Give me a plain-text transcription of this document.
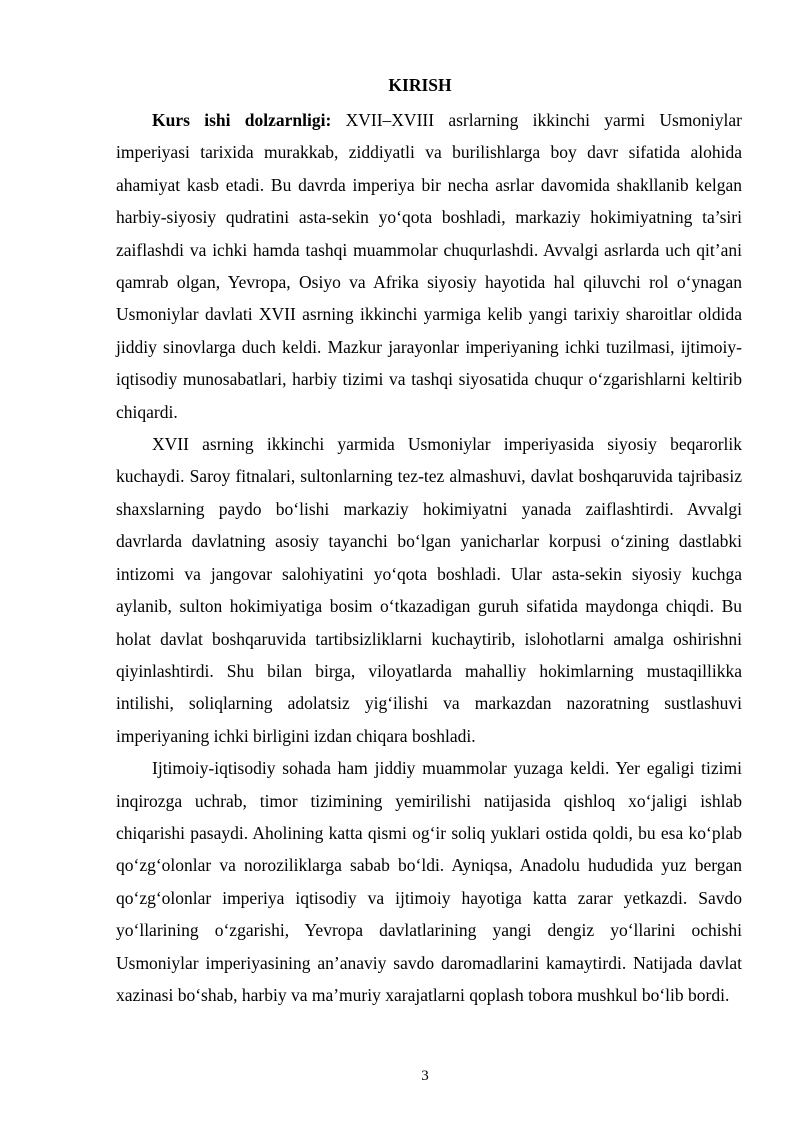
KIRISH

Kurs ishi dolzarnligi: XVII–XVIII asrlarning ikkinchi yarmi Usmoniylar imperiyasi tarixida murakkab, ziddiyatli va burilishlarga boy davr sifatida alohida ahamiyat kasb etadi. Bu davrda imperiya bir necha asrlar davomida shakllanib kelgan harbiy-siyosiy qudratini asta-sekin yo‘qota boshladi, markaziy hokimiyatning ta’siri zaiflashdi va ichki hamda tashqi muammolar chuqurlashdi. Avvalgi asrlarda uch qit’ani qamrab olgan, Yevropa, Osiyo va Afrika siyosiy hayotida hal qiluvchi rol o‘ynagan Usmoniylar davlati XVII asrning ikkinchi yarmiga kelib yangi tarixiy sharoitlar oldida jiddiy sinovlarga duch keldi. Mazkur jarayonlar imperiyaning ichki tuzilmasi, ijtimoiy-iqtisodiy munosabatlari, harbiy tizimi va tashqi siyosatida chuqur o‘zgarishlarni keltirib chiqardi.

XVII asrning ikkinchi yarmida Usmoniylar imperiyasida siyosiy beqarorlik kuchaydi. Saroy fitnalari, sultonlarning tez-tez almashuvi, davlat boshqaruvida tajribasiz shaxslarning paydo bo‘lishi markaziy hokimiyatni yanada zaiflashtirdi. Avvalgi davrlarda davlatning asosiy tayanchi bo‘lgan yanicharlar korpusi o‘zining dastlabki intizomi va jangovar salohiyatini yo‘qota boshladi. Ular asta-sekin siyosiy kuchga aylanib, sulton hokimiyatiga bosim o‘tkazadigan guruh sifatida maydonga chiqdi. Bu holat davlat boshqaruvida tartibsizliklarni kuchaytirib, islohotlarni amalga oshirishni qiyinlashtirdi. Shu bilan birga, viloyatlarda mahalliy hokimlarning mustaqillikka intilishi, soliqlarning adolatsiz yig‘ilishi va markazdan nazoratning sustlashuvi imperiyaning ichki birligini izdan chiqara boshladi.

Ijtimoiy-iqtisodiy sohada ham jiddiy muammolar yuzaga keldi. Yer egaligi tizimi inqirozga uchrab, timor tizimining yemirilishi natijasida qishloq xo‘jaligi ishlab chiqarishi pasaydi. Aholining katta qismi og‘ir soliq yuklari ostida qoldi, bu esa ko‘plab qo‘zg‘olonlar va noroziliklarga sabab bo‘ldi. Ayniqsa, Anadolu hududida yuz bergan qo‘zg‘olonlar imperiya iqtisodiy va ijtimoiy hayotiga katta zarar yetkazdi. Savdo yo‘llarining o‘zgarishi, Yevropa davlatlarining yangi dengiz yo‘llarini ochishi Usmoniylar imperiyasining an’anaviy savdo daromadlarini kamaytirdi. Natijada davlat xazinasi bo‘shab, harbiy va ma’muriy xarajatlarni qoplash tobora mushkul bo‘lib bordi.

3
